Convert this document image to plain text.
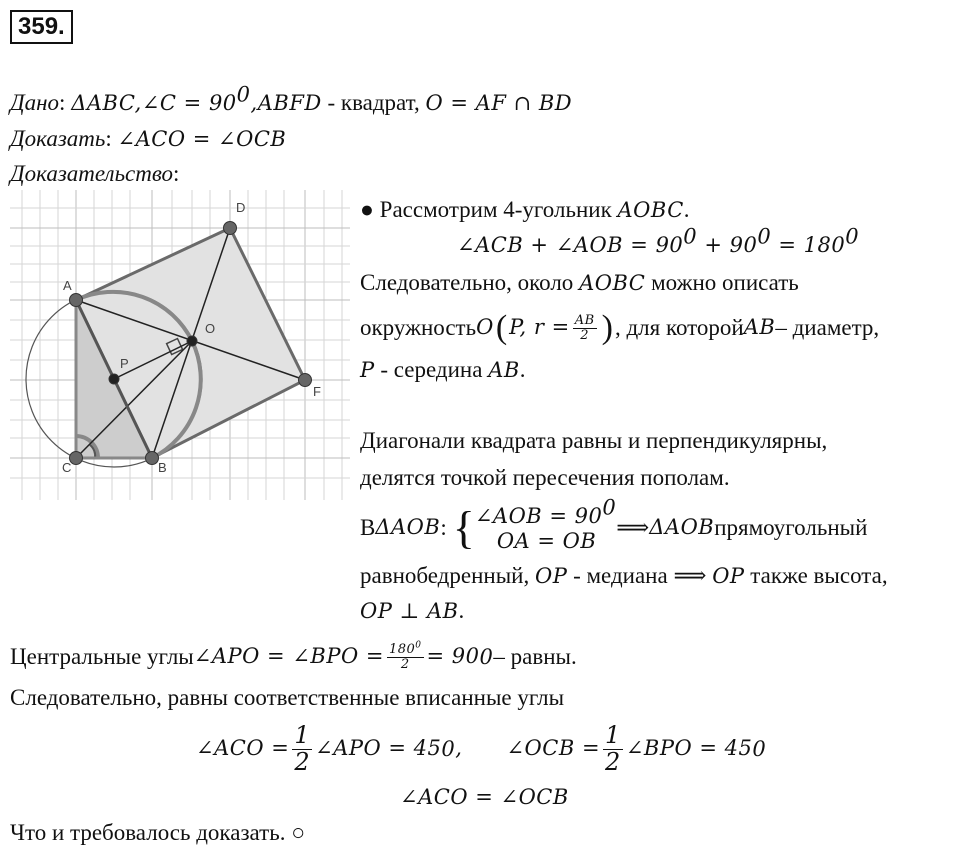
359.
Дано: ΔABC,∠C = $90^0,ABFD$ - квадрат, O = AF ∩ BD
Доказать: ∠ACO = ∠OCB
Доказательство:
A
B
C
D
F
O
P
● Рассмотрим 4-угольник AOBC.
∠ACB + ∠AOB = $90^0 + 90^0 = 180^0$
Следовательно, около AOBC можно описать
окружность O ( P, $r = \frac{AB}{2}$ ) , для которой AB – диаметр,
P - середина AB.
Диагонали квадрата равны и перпендикулярны,
делятся точкой пересечения пополам.
В ΔAOB : { ∠AOB = $90^0$
OA = OB
⟹ ΔAOB прямоугольный
равнобедренный, OP - медиана ⟹ OP также высота,
OP ⊥ AB.
Центральные углы ∠APO = ∠BPO = $\frac{180^0}{2} = 90$ 0 – равны.
Следовательно, равны соответственные вписанные углы
∠ACO = $\frac{1}{2}$ ∠APO = 45 0 , ∠OCB = $\frac{1}{2}$ ∠BPO = 45 0
∠ACO = ∠OCB
Что и требовалось доказать. ○
